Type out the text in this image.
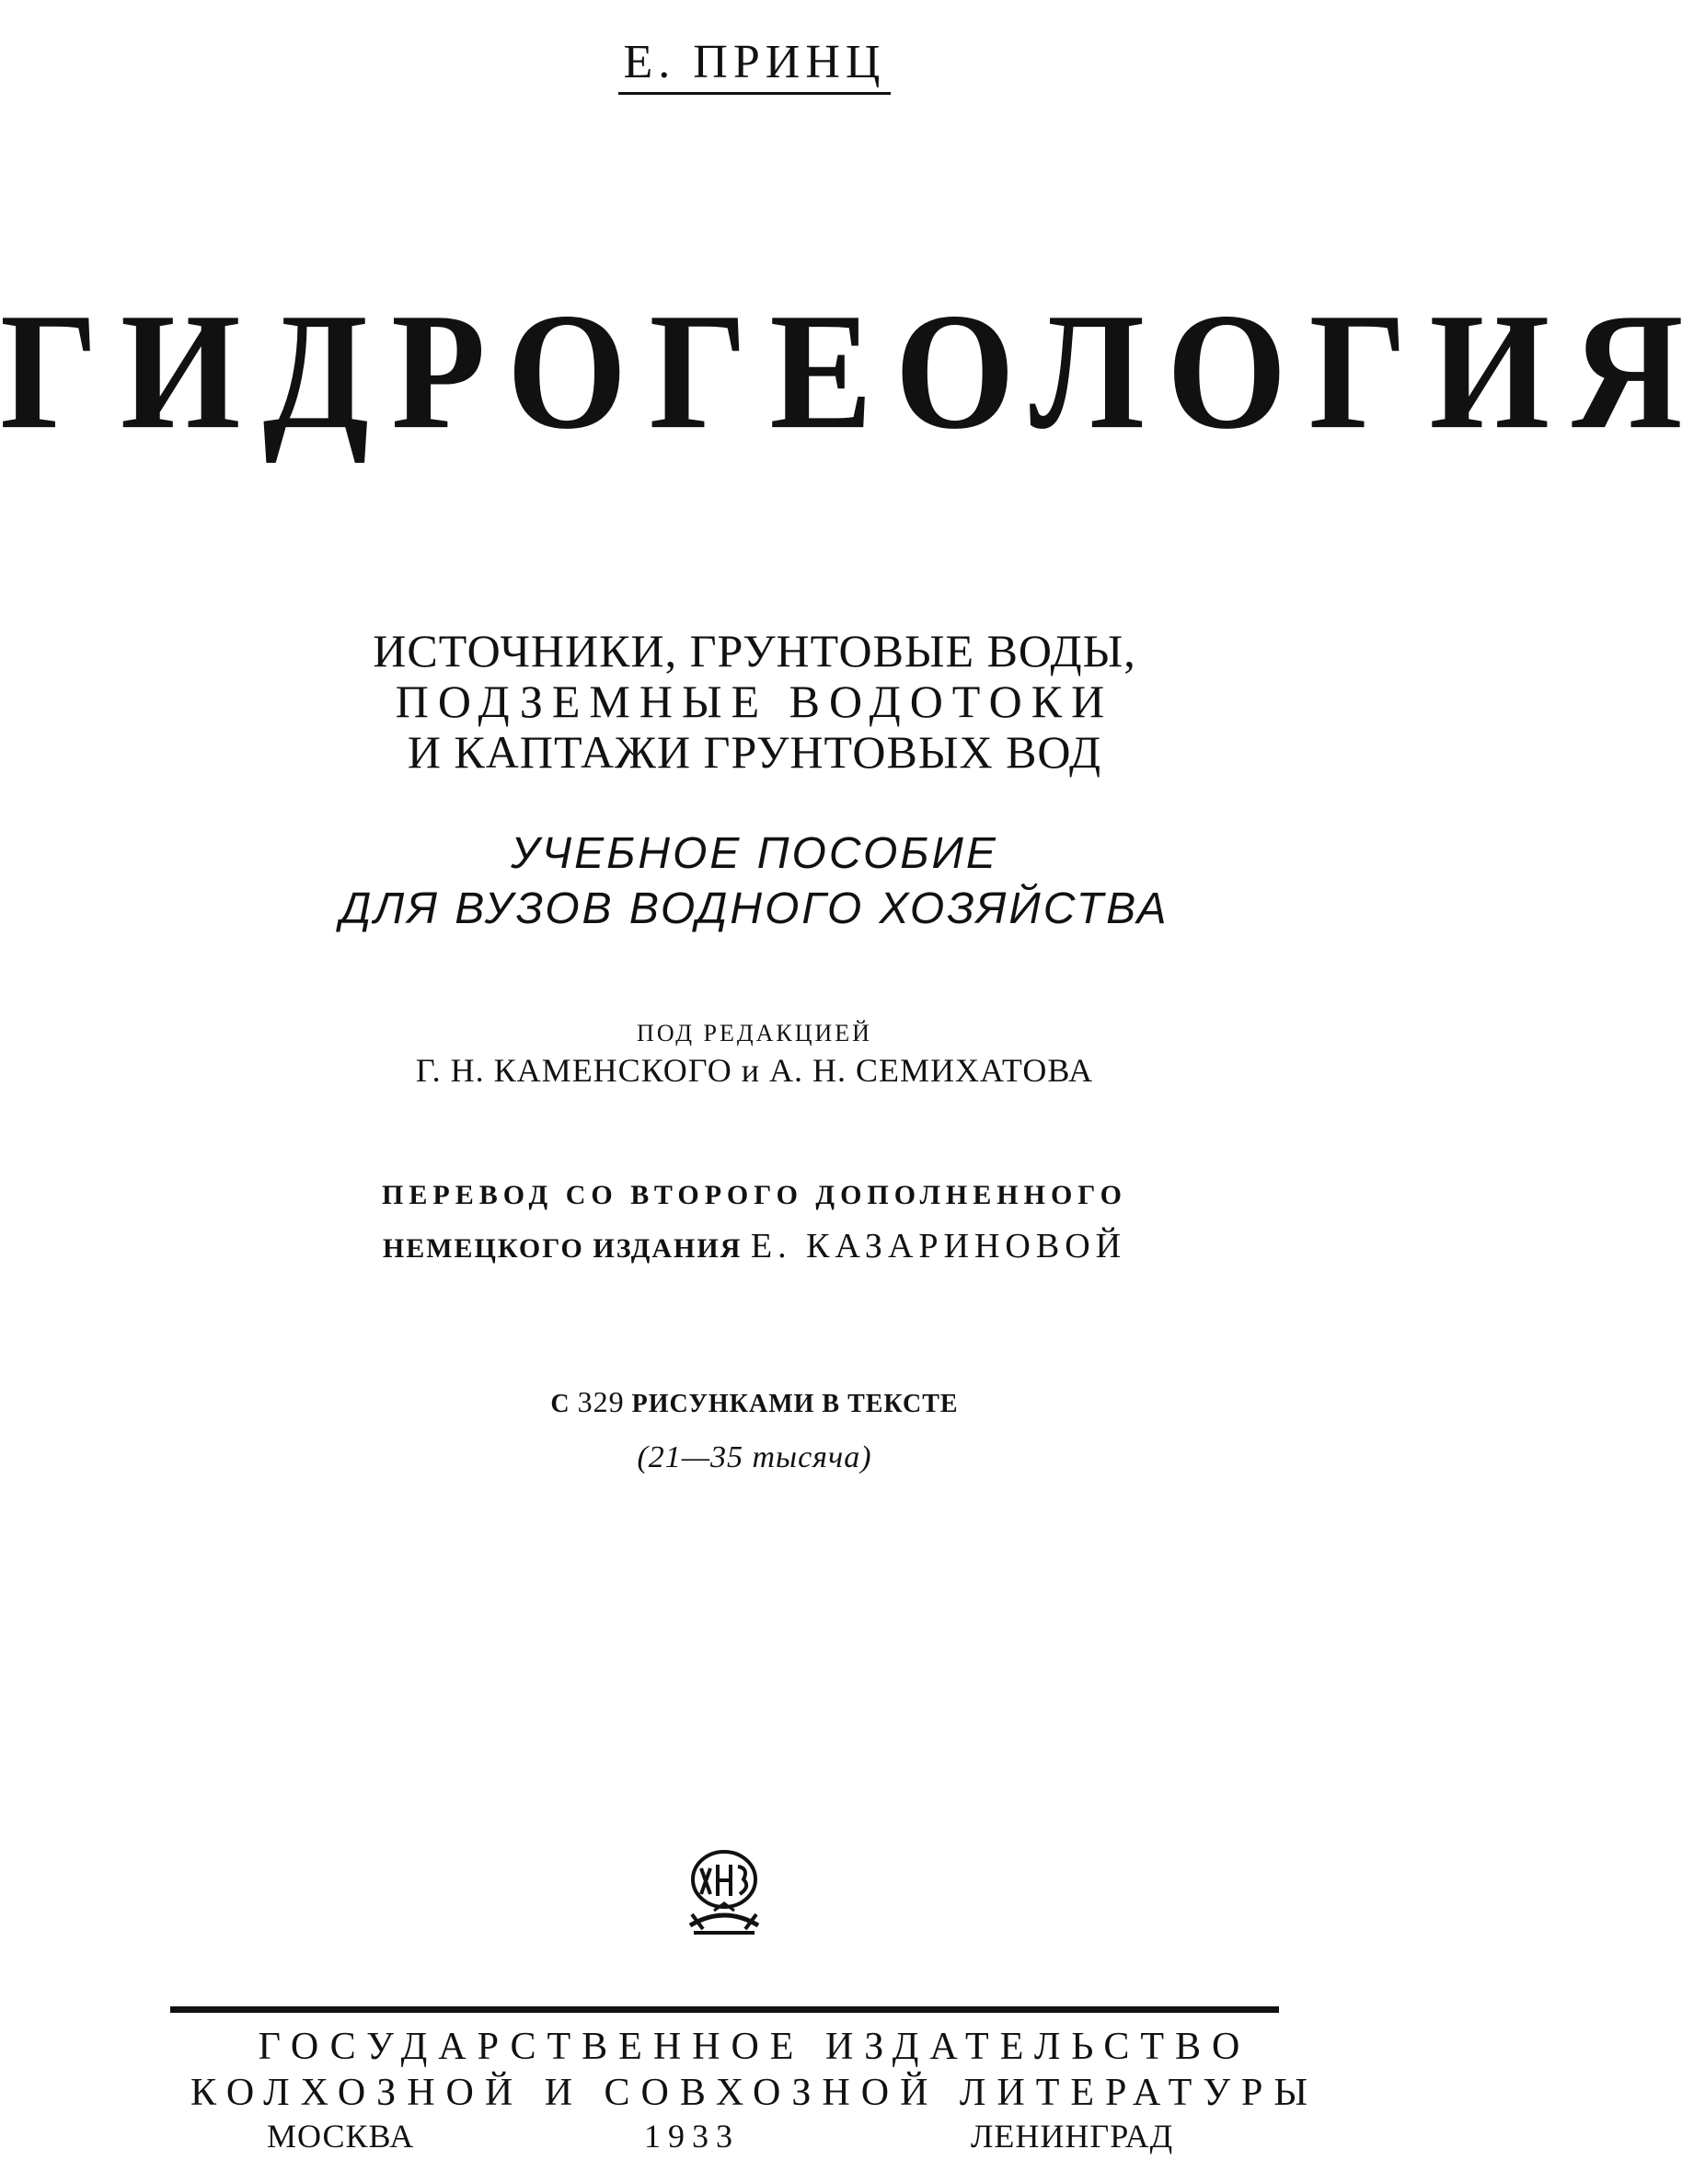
Е. ПРИНЦ
ГИДРОГЕОЛОГИЯ
ИСТОЧНИКИ, ГРУНТОВЫЕ ВОДЫ,
ПОДЗЕМНЫЕ ВОДОТОКИ
И КАПТАЖИ ГРУНТОВЫХ ВОД
УЧЕБНОЕ ПОСОБИЕ
ДЛЯ ВУЗОВ ВОДНОГО ХОЗЯЙСТВА
ПОД РЕДАКЦИЕЙ
Г. Н. КАМЕНСКОГО и А. Н. СЕМИХАТОВА
ПЕРЕВОД СО ВТОРОГО ДОПОЛНЕННОГО
НЕМЕЦКОГО ИЗДАНИЯ Е. КАЗАРИНОВОЙ
С 329 РИСУНКАМИ В ТЕКСТЕ
(21—35 тысяча)
ГОСУДАРСТВЕННОЕ ИЗДАТЕЛЬСТВО
КОЛХОЗНОЙ И СОВХОЗНОЙ ЛИТЕРАТУРЫ
МОСКВА	1933	ЛЕНИНГРАД
